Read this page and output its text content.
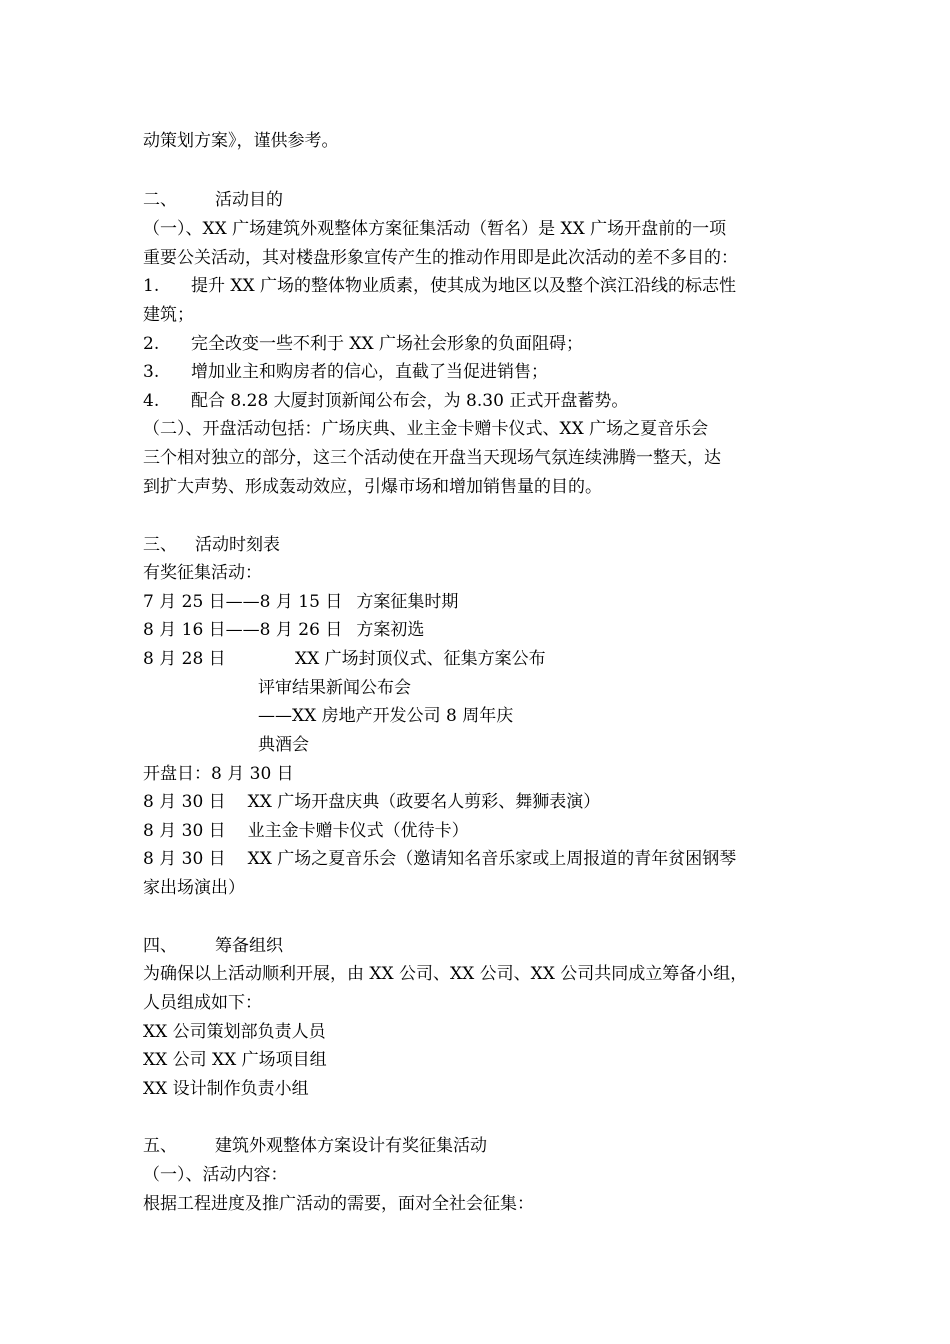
动策划方案》，谨供参考。
二、 活动目的
（一）、XX 广场建筑外观整体方案征集活动（暂名）是 XX 广场开盘前的一项
重要公关活动，其对楼盘形象宣传产生的推动作用即是此次活动的差不多目的：
1. 提升 XX 广场的整体物业质素，使其成为地区以及整个滨江沿线的标志性
建筑；
2. 完全改变一些不利于 XX 广场社会形象的负面阻碍；
3. 增加业主和购房者的信心，直截了当促进销售；
4. 配合 8.28 大厦封顶新闻公布会，为 8.30 正式开盘蓄势。
（二）、开盘活动包括：广场庆典、业主金卡赠卡仪式、XX 广场之夏音乐会
三个相对独立的部分，这三个活动使在开盘当天现场气氛连续沸腾一整天，达
到扩大声势、形成轰动效应，引爆市场和增加销售量的目的。
三、 活动时刻表
有奖征集活动：
7 月 25 日——8 月 15 日 方案征集时期
8 月 16 日——8 月 26 日 方案初选
8 月 28 日	XX 广场封顶仪式、征集方案公布
评审结果新闻公布会
——XX 房地产开发公司 8 周年庆
典酒会
开盘日：8 月 30 日
8 月 30 日 XX 广场开盘庆典（政要名人剪彩、舞狮表演）
8 月 30 日 业主金卡赠卡仪式（优待卡）
8 月 30 日 XX 广场之夏音乐会（邀请知名音乐家或上周报道的青年贫困钢琴
家出场演出）
四、 筹备组织
为确保以上活动顺利开展，由 XX 公司、XX 公司、XX 公司共同成立筹备小组，
人员组成如下：
XX 公司策划部负责人员
XX 公司 XX 广场项目组
XX 设计制作负责小组
五、 建筑外观整体方案设计有奖征集活动
（一）、活动内容：
根据工程进度及推广活动的需要，面对全社会征集：
